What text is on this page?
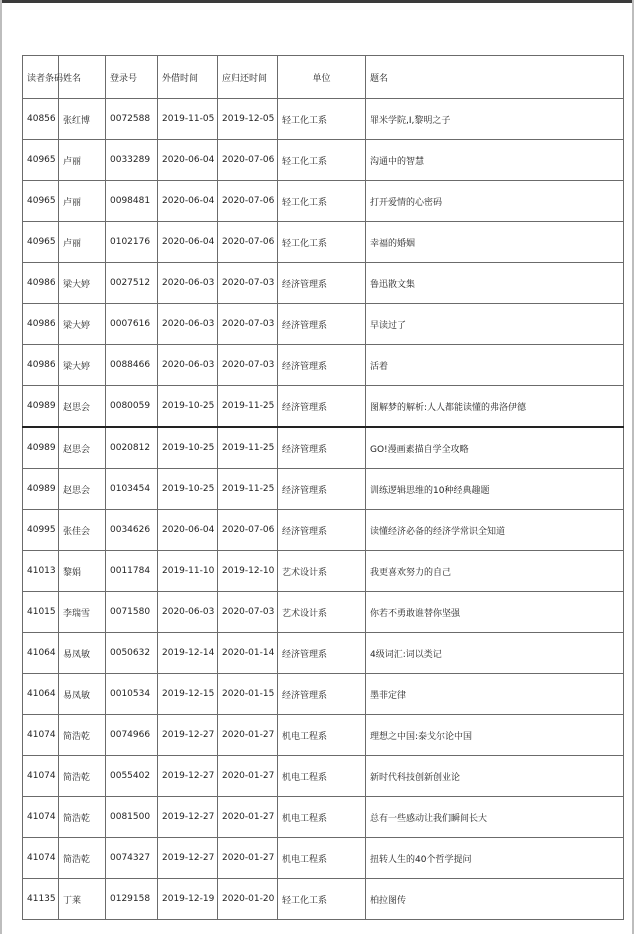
读者条码	姓名	登录号	外借时间	应归还时间	单位	题名
40856	张红博	0072588	2019-11-05	2019-12-05	轻工化工系	罪米学院,I,黎明之子
40965	卢丽	0033289	2020-06-04	2020-07-06	轻工化工系	沟通中的智慧
40965	卢丽	0098481	2020-06-04	2020-07-06	轻工化工系	打开爱情的心密码
40965	卢丽	0102176	2020-06-04	2020-07-06	轻工化工系	幸福的婚姻
40986	梁大婷	0027512	2020-06-03	2020-07-03	经济管理系	鲁迅散文集
40986	梁大婷	0007616	2020-06-03	2020-07-03	经济管理系	早读过了
40986	梁大婷	0088466	2020-06-03	2020-07-03	经济管理系	活着
40989	赵思会	0080059	2019-10-25	2019-11-25	经济管理系	图解梦的解析:人人都能读懂的弗洛伊德
40989	赵思会	0020812	2019-10-25	2019-11-25	经济管理系	GO!漫画素描自学全攻略
40989	赵思会	0103454	2019-10-25	2019-11-25	经济管理系	训练逻辑思维的10种经典趣题
40995	张佳会	0034626	2020-06-04	2020-07-06	经济管理系	读懂经济必备的经济学常识全知道
41013	黎娟	0011784	2019-11-10	2019-12-10	艺术设计系	我更喜欢努力的自己
41015	李瑞雪	0071580	2020-06-03	2020-07-03	艺术设计系	你若不勇敢谁替你坚强
41064	易凤敏	0050632	2019-12-14	2020-01-14	经济管理系	4级词汇:词以类记
41064	易凤敏	0010534	2019-12-15	2020-01-15	经济管理系	墨菲定律
41074	简浩乾	0074966	2019-12-27	2020-01-27	机电工程系	理想之中国:泰戈尔论中国
41074	简浩乾	0055402	2019-12-27	2020-01-27	机电工程系	新时代科技创新创业论
41074	简浩乾	0081500	2019-12-27	2020-01-27	机电工程系	总有一些感动让我们瞬间长大
41074	简浩乾	0074327	2019-12-27	2020-01-27	机电工程系	扭转人生的40个哲学提问
41135	丁莱	0129158	2019-12-19	2020-01-20	轻工化工系	柏拉图传
